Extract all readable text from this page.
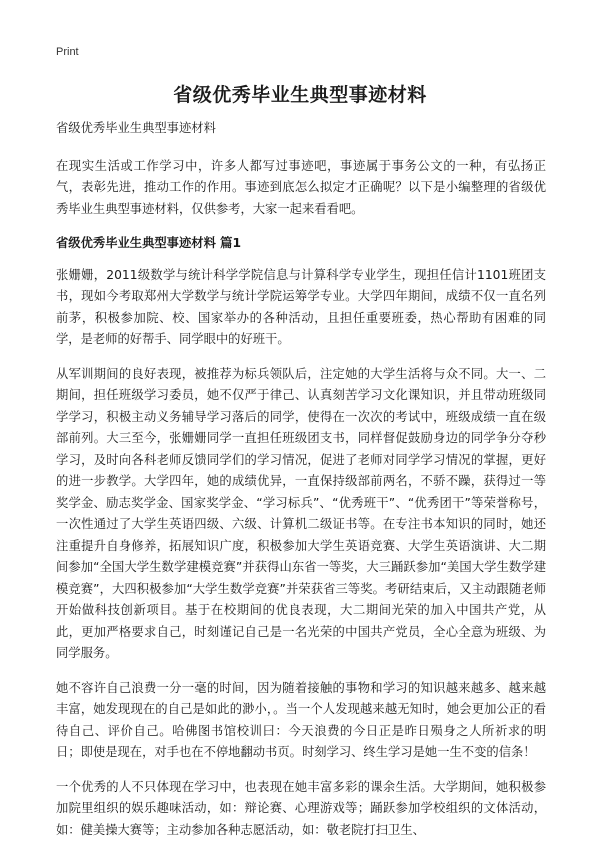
Print
省级优秀毕业生典型事迹材料

省级优秀毕业生典型事迹材料

在现实生活或工作学习中，许多人都写过事迹吧，事迹属于事务公文的一种，有弘扬正气，表彰先进，推动工作的作用。事迹到底怎么拟定才正确呢？以下是小编整理的省级优秀毕业生典型事迹材料，仅供参考，大家一起来看看吧。

省级优秀毕业生典型事迹材料 篇1

张姗姗，2011级数学与统计科学学院信息与计算科学专业学生，现担任信计1101班团支书，现如今考取郑州大学数学与统计学院运筹学专业。大学四年期间，成绩不仅一直名列前茅，积极参加院、校、国家举办的各种活动，且担任重要班委，热心帮助有困难的同学，是老师的好帮手、同学眼中的好班干。

从军训期间的良好表现，被推荐为标兵领队后，注定她的大学生活将与众不同。大一、二期间，担任班级学习委员，她不仅严于律己、认真刻苦学习文化课知识，并且带动班级同学学习，积极主动义务辅导学习落后的同学，使得在一次次的考试中，班级成绩一直在级部前列。大三至今，张姗姗同学一直担任班级团支书，同样督促鼓励身边的同学争分夺秒学习，及时向各科老师反馈同学们的学习情况，促进了老师对同学学习情况的掌握，更好的进一步教学。大学四年，她的成绩优异，一直保持级部前两名，不骄不躁，获得过一等奖学金、励志奖学金、国家奖学金、“学习标兵”、“优秀班干”、“优秀团干”等荣誉称号，一次性通过了大学生英语四级、六级、计算机二级证书等。在专注书本知识的同时，她还注重提升自身修养，拓展知识广度，积极参加大学生英语竞赛、大学生英语演讲、大二期间参加“全国大学生数学建模竞赛”并获得山东省一等奖，大三踊跃参加“美国大学生数学建模竞赛”，大四积极参加“大学生数学竞赛”并荣获省三等奖。考研结束后，又主动跟随老师开始做科技创新项目。基于在校期间的优良表现，大二期间光荣的加入中国共产党，从此，更加严格要求自己，时刻谨记自己是一名光荣的中国共产党员，全心全意为班级、为同学服务。

她不容许自己浪费一分一毫的时间，因为随着接触的事物和学习的知识越来越多、越来越丰富，她发现现在的自己是如此的渺小，。当一个人发现越来越无知时，她会更加公正的看待自己、评价自己。哈佛图书馆校训曰：今天浪费的今日正是昨日殒身之人所祈求的明日；即使是现在，对手也在不停地翻动书页。时刻学习、终生学习是她一生不变的信条！

一个优秀的人不只体现在学习中，也表现在她丰富多彩的课余生活。大学期间，她积极参加院里组织的娱乐趣味活动，如：辩论赛、心理游戏等；踊跃参加学校组织的文体活动，如：健美操大赛等；主动参加各种志愿活动，如：敬老院打扫卫生、
